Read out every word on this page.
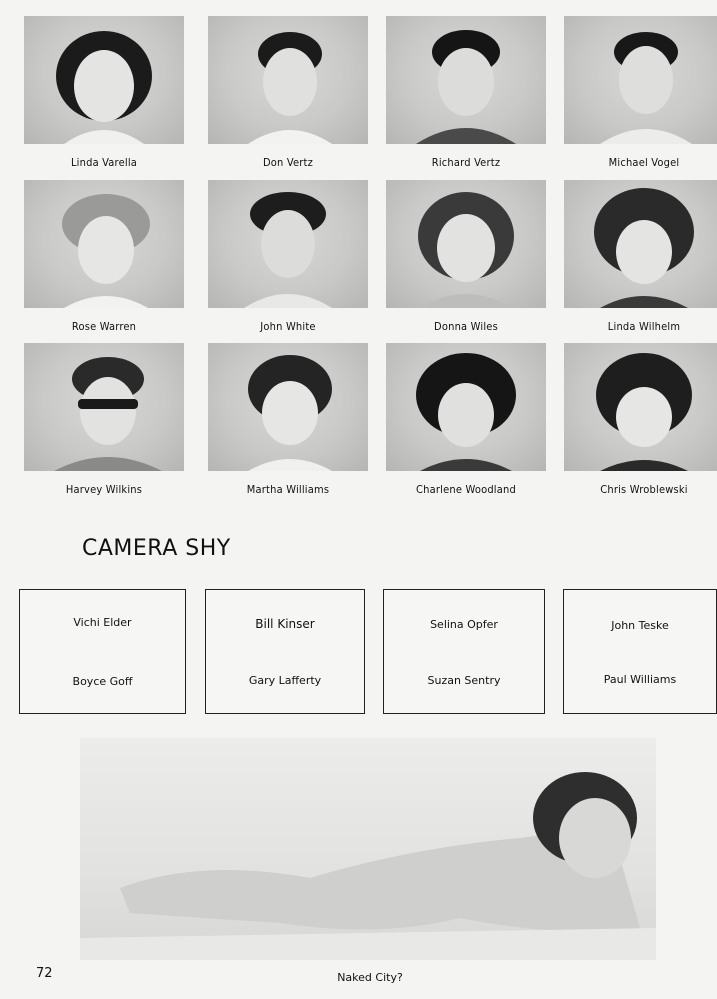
Linda Varella	Don Vertz	Richard Vertz	Michael Vogel
Rose Warren	John White	Donna Wiles	Linda Wilhelm
Harvey Wilkins	Martha Williams	Charlene Woodland	Chris Wroblewski
CAMERA SHY
Vichi Elder
Boyce Goff
Bill Kinser
Gary Lafferty
Selina Opfer
Suzan Sentry
John Teske
Paul Williams
72	Naked City?
